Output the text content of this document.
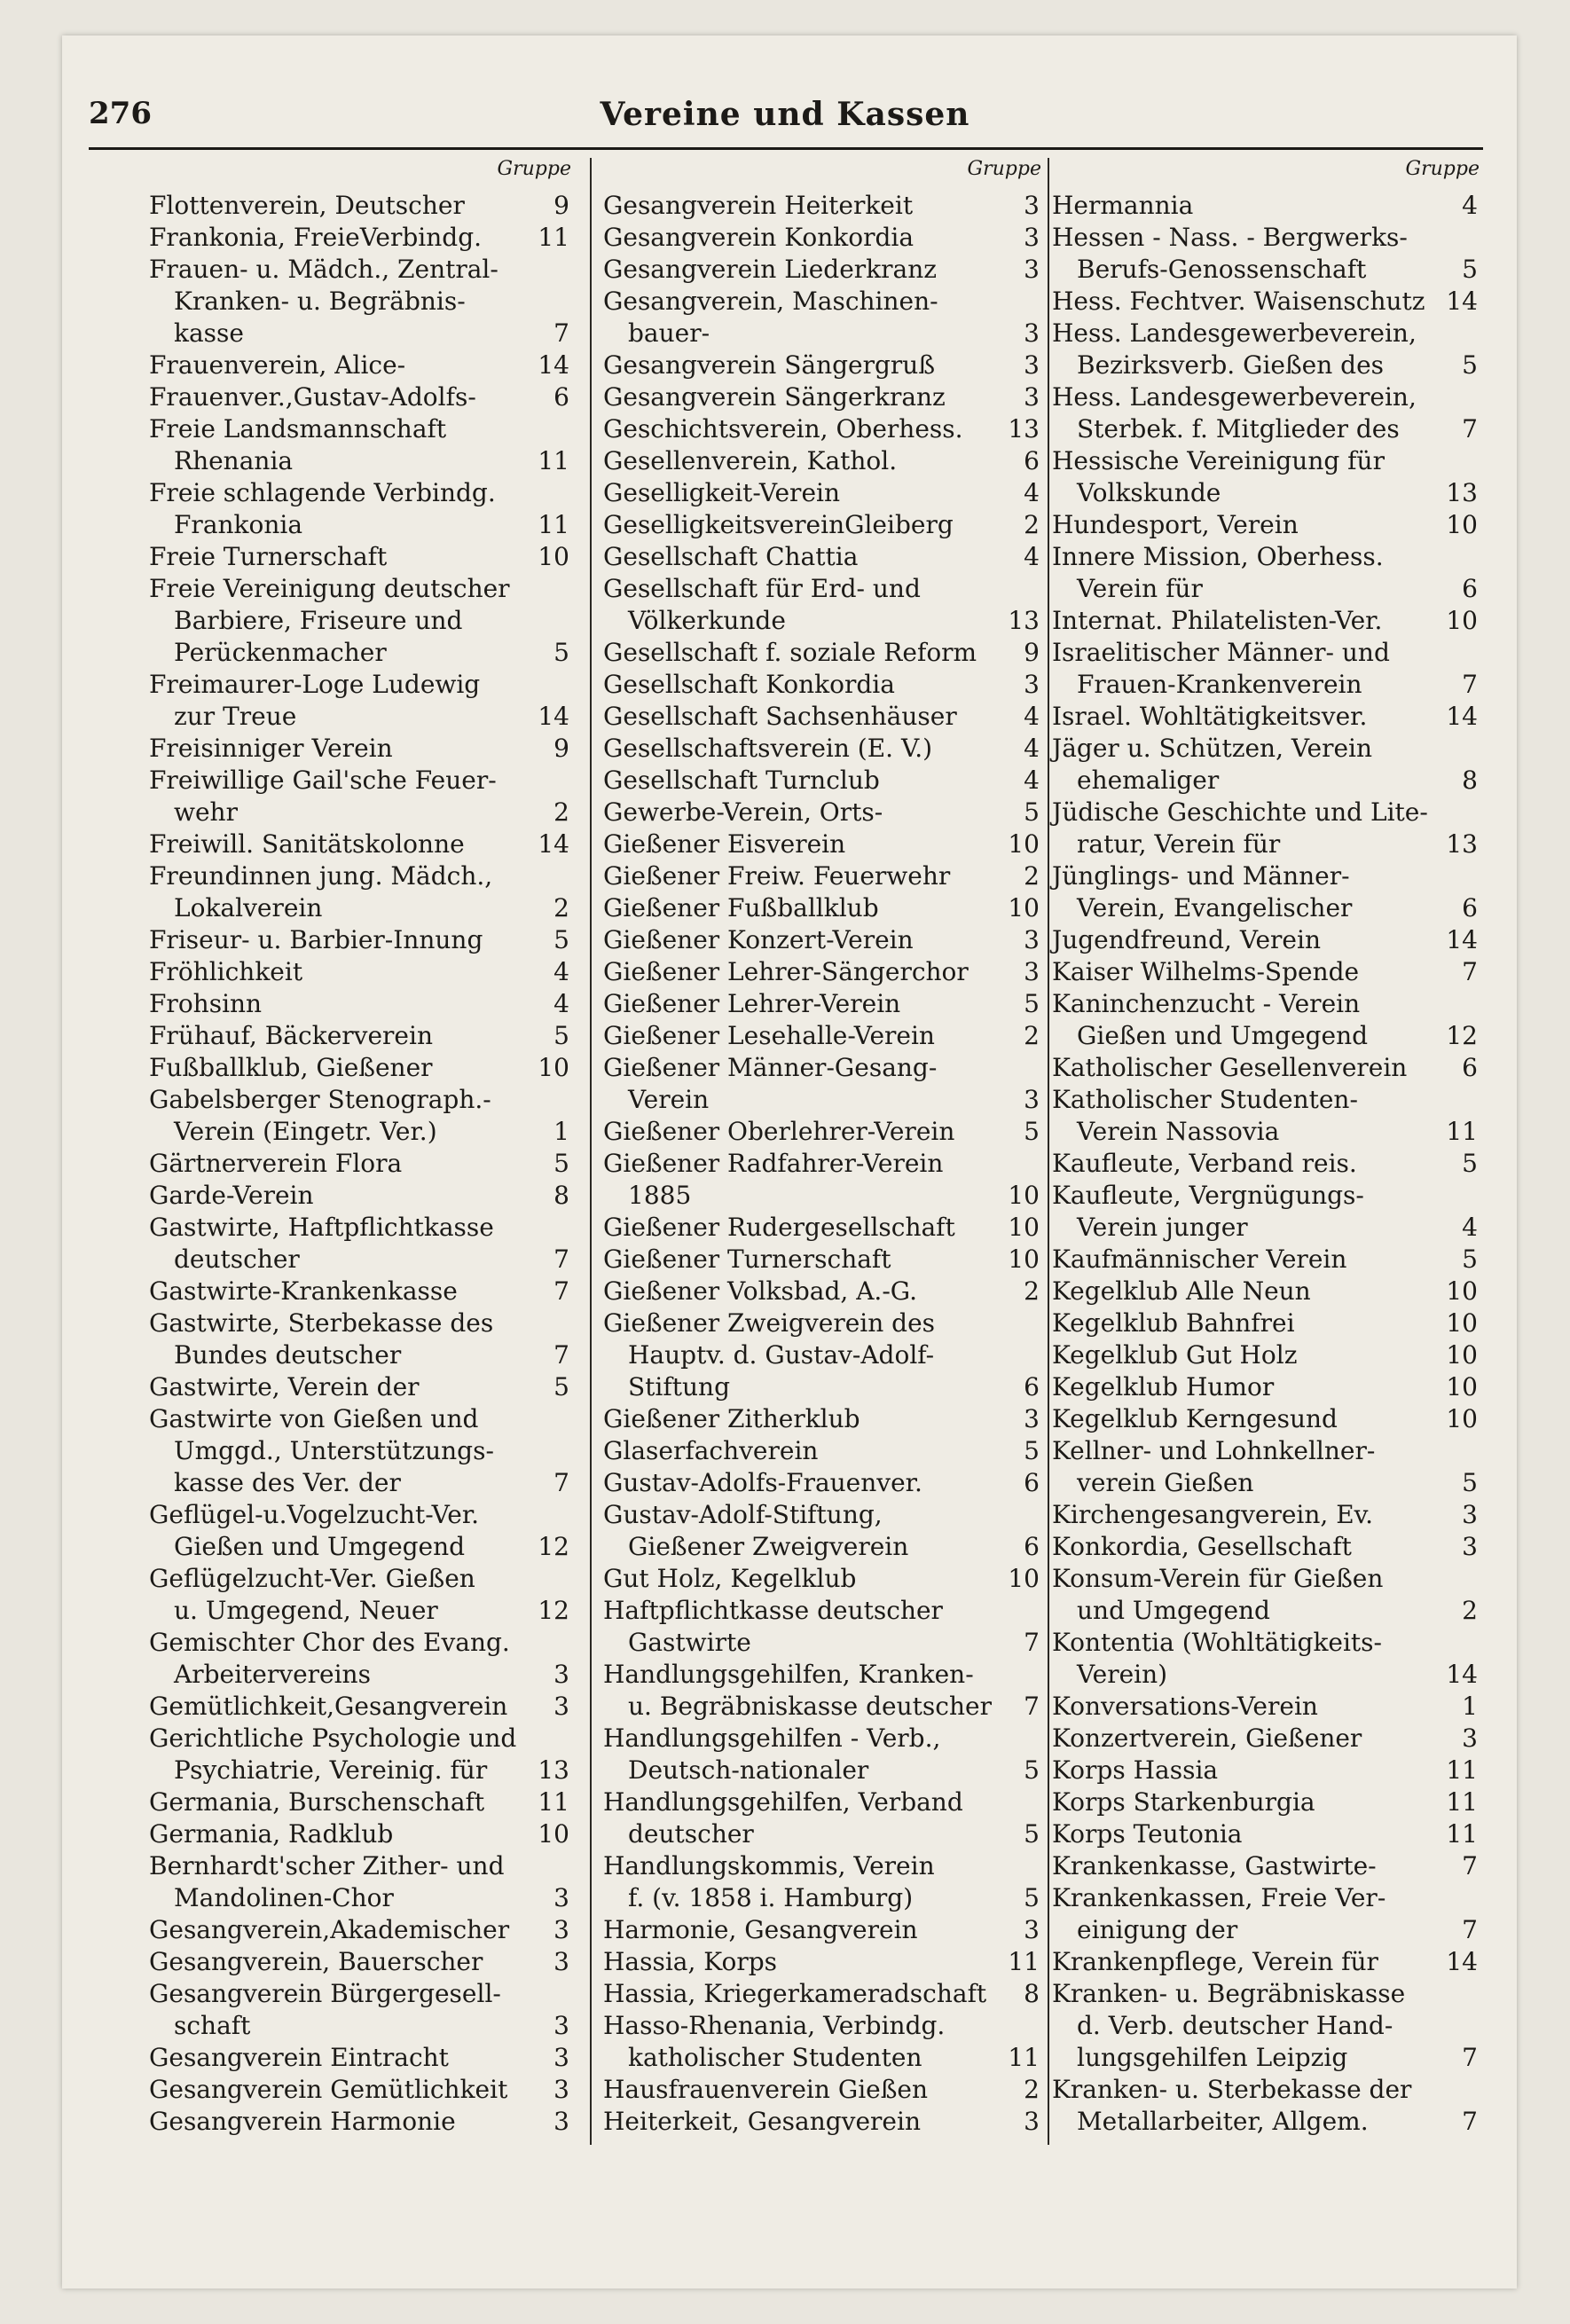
276	Vereine und Kassen
Gruppe
Flottenverein, Deutscher	9
Frankonia, FreieVerbindg. 11
Frauen- u. Mädch., Zentral-
Kranken- u. Begräbnis-
kasse	7
Frauenverein, Alice-	14
Frauenver.,Gustav-Adolfs-	6
Freie Landsmannschaft
Rhenania	11
Freie schlagende Verbindg.
Frankonia	11
Freie Turnerschaft	10
Freie Vereinigung deutscher
Barbiere, Friseure und
Perückenmacher	5
Freimaurer-Loge Ludewig
zur Treue	14
Freisinniger Verein	9
Freiwillige Gail'sche Feuer-
wehr	2
Freiwill. Sanitätskolonne	14
Freundinnen jung. Mädch.,
Lokalverein	2
Friseur- u. Barbier-Innung	5
Fröhlichkeit	4
Frohsinn	4
Frühauf, Bäckerverein	5
Fußballklub, Gießener	10
Gabelsberger Stenograph.-
Verein (Eingetr. Ver.)	1
Gärtnerverein Flora	5
Garde-Verein	8
Gastwirte, Haftpflichtkasse
deutscher	7
Gastwirte-Krankenkasse	7
Gastwirte, Sterbekasse des
Bundes deutscher	7
Gastwirte, Verein der	5
Gastwirte von Gießen und
Umggd., Unterstützungs-
kasse des Ver. der	7
Geflügel-u.Vogelzucht-Ver.
Gießen und Umgegend	12
Geflügelzucht-Ver. Gießen
u. Umgegend, Neuer	12
Gemischter Chor des Evang.
Arbeitervereins	3
Gemütlichkeit,Gesangverein 3
Gerichtliche Psychologie und
Psychiatrie, Vereinig. für 13
Germania, Burschenschaft 11
Germania, Radklub	10
Bernhardt'scher Zither- und
Mandolinen-Chor	3
Gesangverein,Akademischer 3
Gesangverein, Bauerscher	3
Gesangverein Bürgergesell-
schaft	3
Gesangverein Eintracht	3
Gesangverein Gemütlichkeit 3
Gesangverein Harmonie	3
Gruppe
Gesangverein Heiterkeit	3
Gesangverein Konkordia	3
Gesangverein Liederkranz	3
Gesangverein, Maschinen-
bauer-	3
Gesangverein Sängergruß	3
Gesangverein Sängerkranz	3
Geschichtsverein, Oberhess. 13
Gesellenverein, Kathol.	6
Geselligkeit-Verein	4
GeselligkeitsvereinGleiberg	2
Gesellschaft Chattia	4
Gesellschaft für Erd- und
Völkerkunde	13
Gesellschaft f. soziale Reform 9
Gesellschaft Konkordia	3
Gesellschaft Sachsenhäuser	4
Gesellschaftsverein (E. V.)	4
Gesellschaft Turnclub	4
Gewerbe-Verein, Orts-	5
Gießener Eisverein	10
Gießener Freiw. Feuerwehr	2
Gießener Fußballklub	10
Gießener Konzert-Verein	3
Gießener Lehrer-Sängerchor 3
Gießener Lehrer-Verein	5
Gießener Lesehalle-Verein	2
Gießener Männer-Gesang-
Verein	3
Gießener Oberlehrer-Verein	5
Gießener Radfahrer-Verein
1885	10
Gießener Rudergesellschaft 10
Gießener Turnerschaft	10
Gießener Volksbad, A.-G.	2
Gießener Zweigverein des
Hauptv. d. Gustav-Adolf-
Stiftung	6
Gießener Zitherklub	3
Glaserfachverein	5
Gustav-Adolfs-Frauenver.	6
Gustav-Adolf-Stiftung,
Gießener Zweigverein	6
Gut Holz, Kegelklub	10
Haftpflichtkasse deutscher
Gastwirte	7
Handlungsgehilfen, Kranken-
u. Begräbniskasse deutscher 7
Handlungsgehilfen - Verb.,
Deutsch-nationaler	5
Handlungsgehilfen, Verband
deutscher	5
Handlungskommis, Verein
f. (v. 1858 i. Hamburg)	5
Harmonie, Gesangverein	3
Hassia, Korps	11
Hassia, Kriegerkameradschaft 8
Hasso-Rhenania, Verbindg.
katholischer Studenten	11
Hausfrauenverein Gießen	2
Heiterkeit, Gesangverein	3
Gruppe
Hermannia	4
Hessen - Nass. - Bergwerks-
Berufs-Genossenschaft	5
Hess. Fechtver. Waisenschutz 14
Hess. Landesgewerbeverein,
Bezirksverb. Gießen des	5
Hess. Landesgewerbeverein,
Sterbek. f. Mitglieder des	7
Hessische Vereinigung für
Volkskunde	13
Hundesport, Verein	10
Innere Mission, Oberhess.
Verein für	6
Internat. Philatelisten-Ver.	10
Israelitischer Männer- und
Frauen-Krankenverein	7
Israel. Wohltätigkeitsver.	14
Jäger u. Schützen, Verein
ehemaliger	8
Jüdische Geschichte und Lite-
ratur, Verein für	13
Jünglings- und Männer-
Verein, Evangelischer	6
Jugendfreund, Verein	14
Kaiser Wilhelms-Spende	7
Kaninchenzucht - Verein
Gießen und Umgegend	12
Katholischer Gesellenverein 6
Katholischer Studenten-
Verein Nassovia	11
Kaufleute, Verband reis.	5
Kaufleute, Vergnügungs-
Verein junger	4
Kaufmännischer Verein	5
Kegelklub Alle Neun	10
Kegelklub Bahnfrei	10
Kegelklub Gut Holz	10
Kegelklub Humor	10
Kegelklub Kerngesund	10
Kellner- und Lohnkellner-
verein Gießen	5
Kirchengesangverein, Ev.	3
Konkordia, Gesellschaft	3
Konsum-Verein für Gießen
und Umgegend	2
Kontentia (Wohltätigkeits-
Verein)	14
Konversations-Verein	1
Konzertverein, Gießener	3
Korps Hassia	11
Korps Starkenburgia	11
Korps Teutonia	11
Krankenkasse, Gastwirte-	7
Krankenkassen, Freie Ver-
einigung der	7
Krankenpflege, Verein für	14
Kranken- u. Begräbniskasse
d. Verb. deutscher Hand-
lungsgehilfen Leipzig	7
Kranken- u. Sterbekasse der
Metallarbeiter, Allgem.	7
